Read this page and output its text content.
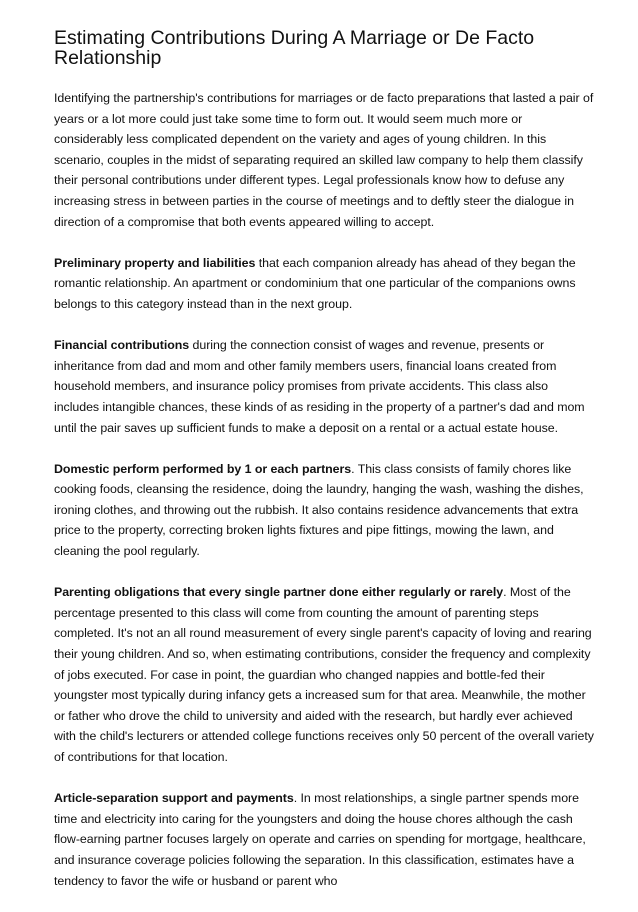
Estimating Contributions During A Marriage or De Facto Relationship

Identifying the partnership's contributions for marriages or de facto preparations that lasted a pair of years or a lot more could just take some time to form out. It would seem much more or considerably less complicated dependent on the variety and ages of young children. In this scenario, couples in the midst of separating required an skilled law company to help them classify their personal contributions under different types. Legal professionals know how to defuse any increasing stress in between parties in the course of meetings and to deftly steer the dialogue in direction of a compromise that both events appeared willing to accept.

Preliminary property and liabilities that each companion already has ahead of they began the romantic relationship. An apartment or condominium that one particular of the companions owns belongs to this category instead than in the next group.

Financial contributions during the connection consist of wages and revenue, presents or inheritance from dad and mom and other family members users, financial loans created from household members, and insurance policy promises from private accidents. This class also includes intangible chances, these kinds of as residing in the property of a partner's dad and mom until the pair saves up sufficient funds to make a deposit on a rental or a actual estate house.

Domestic perform performed by 1 or each partners. This class consists of family chores like cooking foods, cleansing the residence, doing the laundry, hanging the wash, washing the dishes, ironing clothes, and throwing out the rubbish. It also contains residence advancements that extra price to the property, correcting broken lights fixtures and pipe fittings, mowing the lawn, and cleaning the pool regularly.

Parenting obligations that every single partner done either regularly or rarely. Most of the percentage presented to this class will come from counting the amount of parenting steps completed. It's not an all round measurement of every single parent's capacity of loving and rearing their young children. And so, when estimating contributions, consider the frequency and complexity of jobs executed. For case in point, the guardian who changed nappies and bottle-fed their youngster most typically during infancy gets a increased sum for that area. Meanwhile, the mother or father who drove the child to university and aided with the research, but hardly ever achieved with the child's lecturers or attended college functions receives only 50 percent of the overall variety of contributions for that location.

Article-separation support and payments. In most relationships, a single partner spends more time and electricity into caring for the youngsters and doing the house chores although the cash flow-earning partner focuses largely on operate and carries on spending for mortgage, healthcare, and insurance coverage policies following the separation. In this classification, estimates have a tendency to favor the wife or husband or parent who
